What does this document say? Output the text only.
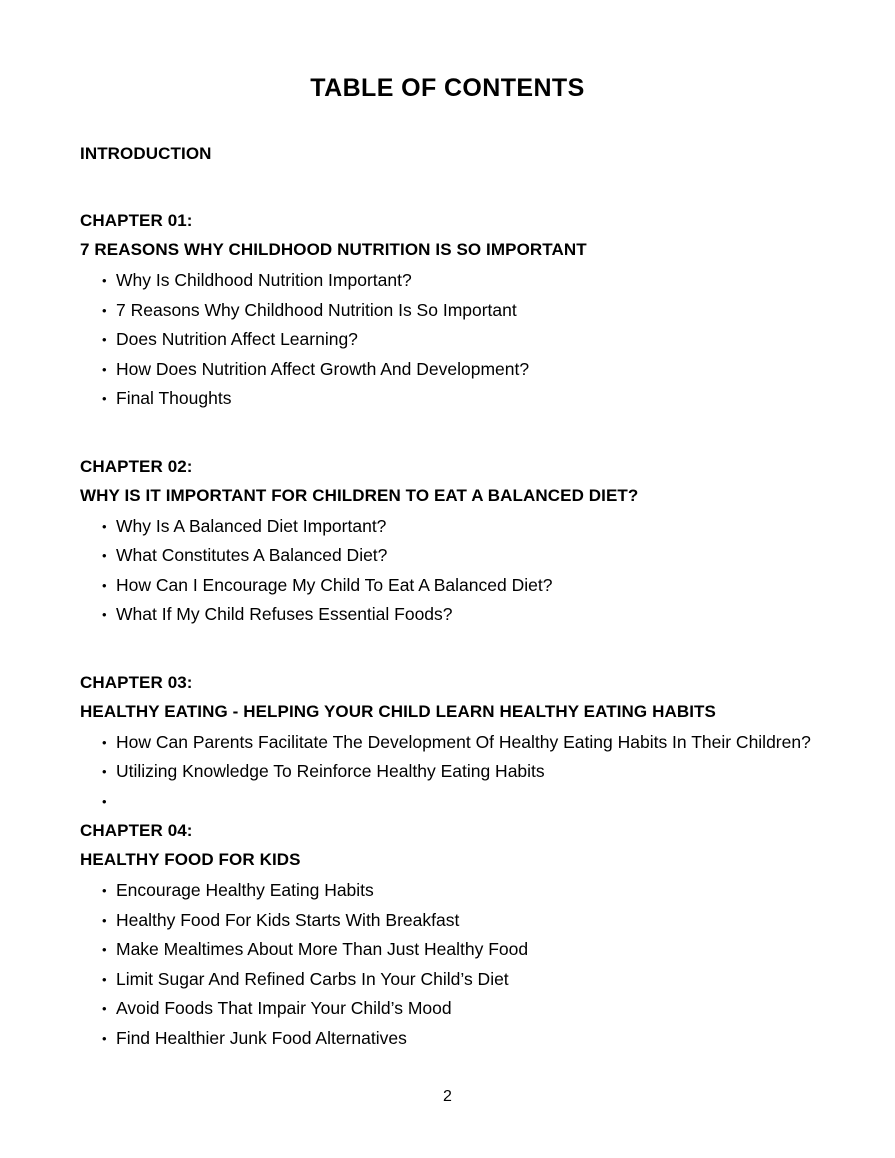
TABLE OF CONTENTS
INTRODUCTION
CHAPTER 01:
7 REASONS WHY CHILDHOOD NUTRITION IS SO IMPORTANT
• Why Is Childhood Nutrition Important?
• 7 Reasons Why Childhood Nutrition Is So Important
• Does Nutrition Affect Learning?
• How Does Nutrition Affect Growth And Development?
• Final Thoughts
CHAPTER 02:
WHY IS IT IMPORTANT FOR CHILDREN TO EAT A BALANCED DIET?
• Why Is A Balanced Diet Important?
• What Constitutes A Balanced Diet?
• How Can I Encourage My Child To Eat A Balanced Diet?
• What If My Child Refuses Essential Foods?
CHAPTER 03:
HEALTHY EATING - HELPING YOUR CHILD LEARN HEALTHY EATING HABITS
• How Can Parents Facilitate The Development Of Healthy Eating Habits In Their Children?
• Utilizing Knowledge To Reinforce Healthy Eating Habits
•
CHAPTER 04:
HEALTHY FOOD FOR KIDS
• Encourage Healthy Eating Habits
• Healthy Food For Kids Starts With Breakfast
• Make Mealtimes About More Than Just Healthy Food
• Limit Sugar And Refined Carbs In Your Child’s Diet
• Avoid Foods That Impair Your Child’s Mood
• Find Healthier Junk Food Alternatives
2
